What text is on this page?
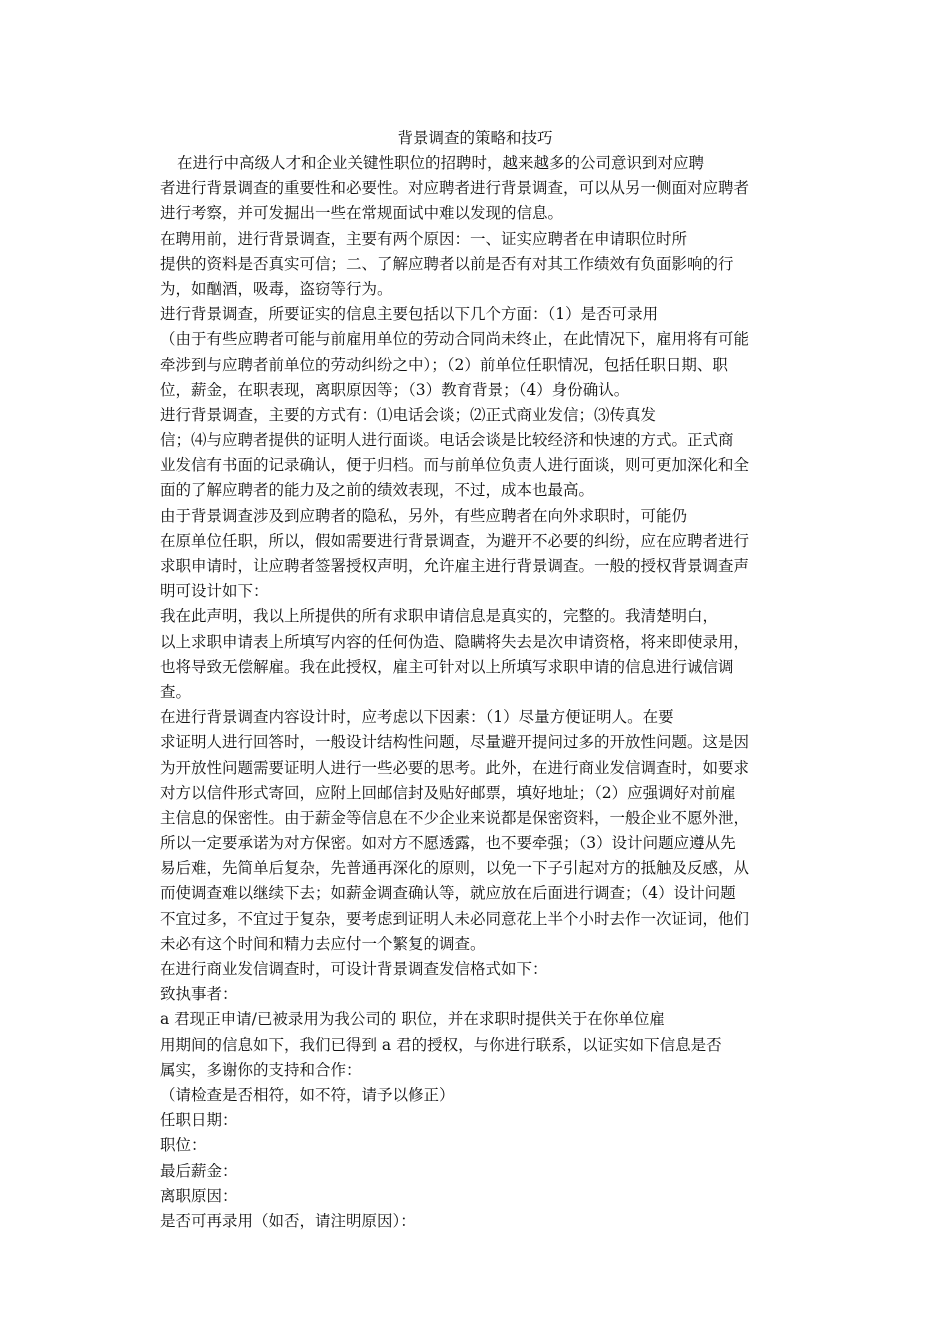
背景调查的策略和技巧
在进行中高级人才和企业关键性职位的招聘时，越来越多的公司意识到对应聘
者进行背景调查的重要性和必要性。对应聘者进行背景调查，可以从另一侧面对应聘者
进行考察，并可发掘出一些在常规面试中难以发现的信息。
在聘用前，进行背景调查，主要有两个原因：一、证实应聘者在申请职位时所
提供的资料是否真实可信；二、了解应聘者以前是否有对其工作绩效有负面影响的行
为，如酗酒，吸毒，盗窃等行为。
进行背景调查，所要证实的信息主要包括以下几个方面：（1）是否可录用
（由于有些应聘者可能与前雇用单位的劳动合同尚未终止，在此情况下，雇用将有可能
牵涉到与应聘者前单位的劳动纠纷之中）；（2）前单位任职情况，包括任职日期、职
位，薪金，在职表现，离职原因等；（3）教育背景；（4）身份确认。
进行背景调查，主要的方式有：⑴电话会谈；⑵正式商业发信；⑶传真发
信；⑷与应聘者提供的证明人进行面谈。电话会谈是比较经济和快速的方式。正式商
业发信有书面的记录确认，便于归档。而与前单位负责人进行面谈，则可更加深化和全
面的了解应聘者的能力及之前的绩效表现，不过，成本也最高。
由于背景调查涉及到应聘者的隐私，另外，有些应聘者在向外求职时，可能仍
在原单位任职，所以，假如需要进行背景调查，为避开不必要的纠纷，应在应聘者进行
求职申请时，让应聘者签署授权声明，允许雇主进行背景调查。一般的授权背景调查声
明可设计如下：
我在此声明，我以上所提供的所有求职申请信息是真实的，完整的。我清楚明白，
以上求职申请表上所填写内容的任何伪造、隐瞒将失去是次申请资格，将来即使录用，
也将导致无偿解雇。我在此授权，雇主可针对以上所填写求职申请的信息进行诚信调
查。
在进行背景调查内容设计时，应考虑以下因素：（1）尽量方便证明人。在要
求证明人进行回答时，一般设计结构性问题，尽量避开提问过多的开放性问题。这是因
为开放性问题需要证明人进行一些必要的思考。此外，在进行商业发信调查时，如要求
对方以信件形式寄回，应附上回邮信封及贴好邮票，填好地址；（2）应强调好对前雇
主信息的保密性。由于薪金等信息在不少企业来说都是保密资料，一般企业不愿外泄，
所以一定要承诺为对方保密。如对方不愿透露，也不要牵强；（3）设计问题应遵从先
易后难，先简单后复杂，先普通再深化的原则，以免一下子引起对方的抵触及反感，从
而使调查难以继续下去；如薪金调查确认等，就应放在后面进行调查；（4）设计问题
不宜过多，不宜过于复杂，要考虑到证明人未必同意花上半个小时去作一次证词，他们
未必有这个时间和精力去应付一个繁复的调查。
在进行商业发信调查时，可设计背景调查发信格式如下：
致执事者：
a 君现正申请/已被录用为我公司的 职位，并在求职时提供关于在你单位雇
用期间的信息如下，我们已得到 a 君的授权，与你进行联系，以证实如下信息是否
属实，多谢你的支持和合作：
（请检查是否相符，如不符，请予以修正）
任职日期：
职位：
最后薪金：
离职原因：
是否可再录用（如否，请注明原因）：
